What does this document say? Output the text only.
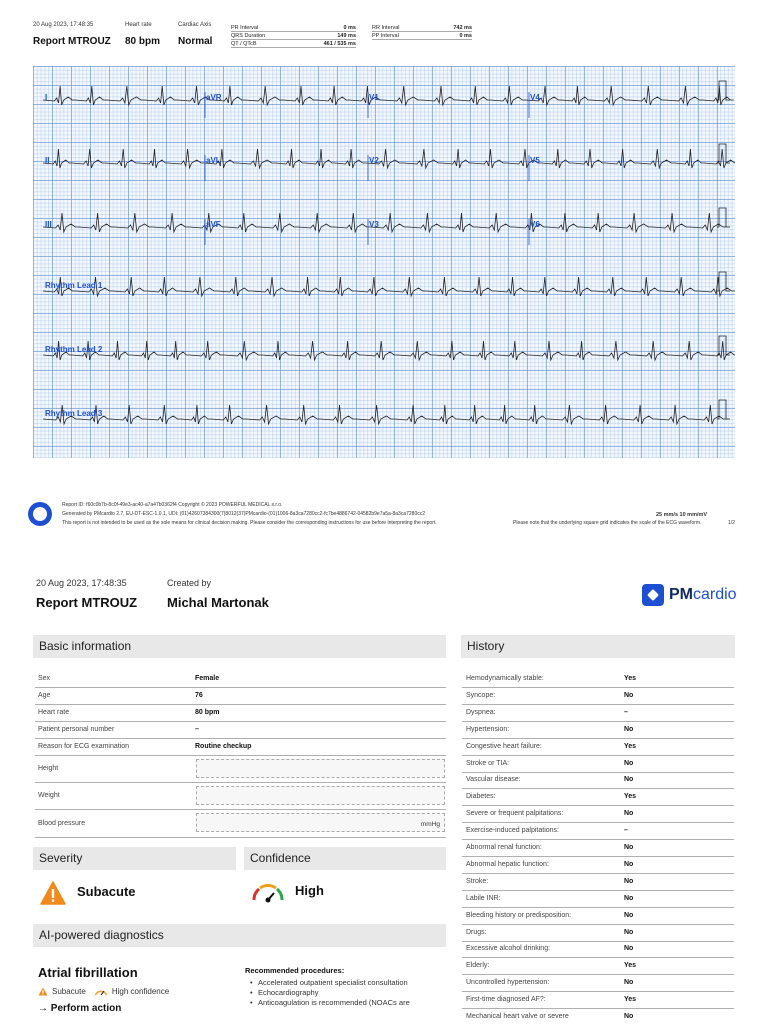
20 Aug 2023, 17:48:35
Report MTROUZ
Heart rate
80 bpm
Cardiac Axis
Normal
PR Interval	0 ms
QRS Duration	149 ms
QT / QTcB	461 / 535 ms
RR Interval	742 ms
PP Interval	0 ms
I	aVR	V1	V4
II	aVL	V2	V5
III	aVF	V3	V6
Rhythm Lead 1
Rhythm Lead 2
Rhythm Lead 3
Report ID: f60c0b7b-8c0f-49e3-ac40-a7a47b0362f4 Copyright © 2023 POWERFUL MEDICAL s.r.o.
Generated by PMcardio 2.7, EU-DT-ESC-1.0.1, UDI: (01)42607384300(7)8012(37)PMcardio-(01)1006-8a3ca7280cc2-fc7be4886742-04582b9e7a5a-8a3ca7280cc2
This report is not intended to be used as the sole means for clinical decision making. Please consider the corresponding instructions for use before interpreting the report.
25 mm/s 10 mm/mV
Please note that the underlying square grid indicates the scale of the ECG waveform.	1/2
20 Aug 2023, 17:48:35	Created by
Report MTROUZ Michal Martonak	PMcardio
Basic information
Sex	Female
Age	76
Heart rate	80 bpm
Patient personal number	–
Reason for ECG examination	Routine checkup
Height
Weight
Blood pressure	mmHg
Severity	Confidence
Subacute	High
AI-powered diagnostics
Atrial fibrillation
Subacute	High confidence
→ Perform action
Recommended procedures:
• Accelerated outpatient specialist consultation
• Echocardiography
• Anticoagulation is recommended (NOACs are
History
Hemodynamically stable:	Yes
Syncope:	No
Dyspnea:	–
Hypertension:	No
Congestive heart failure:	Yes
Stroke or TIA:	No
Vascular disease:	No
Diabetes:	Yes
Severe or frequent palpitations:	No
Exercise-induced palpitations:	–
Abnormal renal function:	No
Abnormal hepatic function:	No
Stroke:	No
Labile INR:	No
Bleeding history or predisposition:	No
Drugs:	No
Excessive alcohol drinking:	No
Elderly:	Yes
Uncontrolled hypertension:	No
First-time diagnosed AF?:	Yes
Mechanical heart valve or severe	No
